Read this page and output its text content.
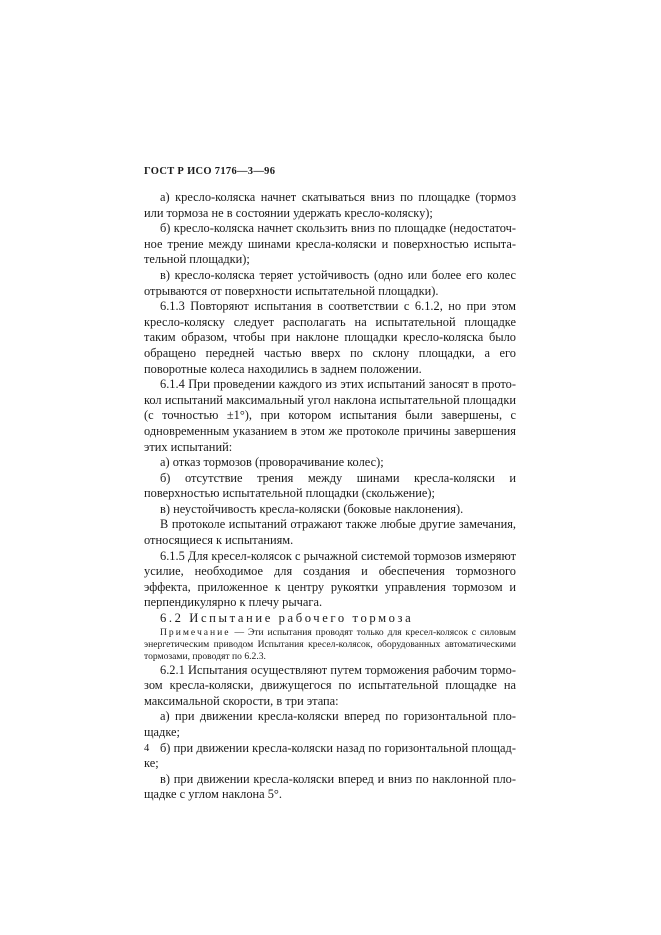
ГОСТ Р ИСО 7176—3—96

а) кресло-коляска начнет скатываться вниз по площадке (тормоз или тормоза не в состоянии удержать кресло-коляску);

б) кресло-коляска начнет скользить вниз по площадке (недостаточное трение между шинами кресла-коляски и поверхностью испытательной площадки);

в) кресло-коляска теряет устойчивость (одно или более его колес отрываются от поверхности испытательной площадки).

6.1.3 Повторяют испытания в соответствии с 6.1.2, но при этом кресло-коляску следует располагать на испытательной площадке таким образом, чтобы при наклоне площадки кресло-коляска было обращено передней частью вверх по склону площадки, а его поворотные колеса находились в заднем положении.

6.1.4 При проведении каждого из этих испытаний заносят в протокол испытаний максимальный угол наклона испытательной площадки (с точностью ±1°), при котором испытания были завершены, с одновременным указанием в этом же протоколе причины завершения этих испытаний:

а) отказ тормозов (проворачивание колес);

б) отсутствие трения между шинами кресла-коляски и поверхностью испытательной площадки (скольжение);

в) неустойчивость кресла-коляски (боковые наклонения).

В протоколе испытаний отражают также любые другие замечания, относящиеся к испытаниям.

6.1.5 Для кресел-колясок с рычажной системой тормозов измеряют усилие, необходимое для создания и обеспечения тормозного эффекта, приложенное к центру рукоятки управления тормозом и перпендикулярно к плечу рычага.

6.2 Испытание рабочего тормоза

Примечание — Эти испытания проводят только для кресел-колясок с силовым энергетическим приводом Испытания кресел-колясок, оборудованных автоматическими тормозами, проводят по 6.2.3.

6.2.1 Испытания осуществляют путем торможения рабочим тормозом кресла-коляски, движущегося по испытательной площадке на максимальной скорости, в три этапа:

а) при движении кресла-коляски вперед по горизонтальной площадке;

б) при движении кресла-коляски назад по горизонтальной площадке;

в) при движении кресла-коляски вперед и вниз по наклонной площадке с углом наклона 5°.

4
